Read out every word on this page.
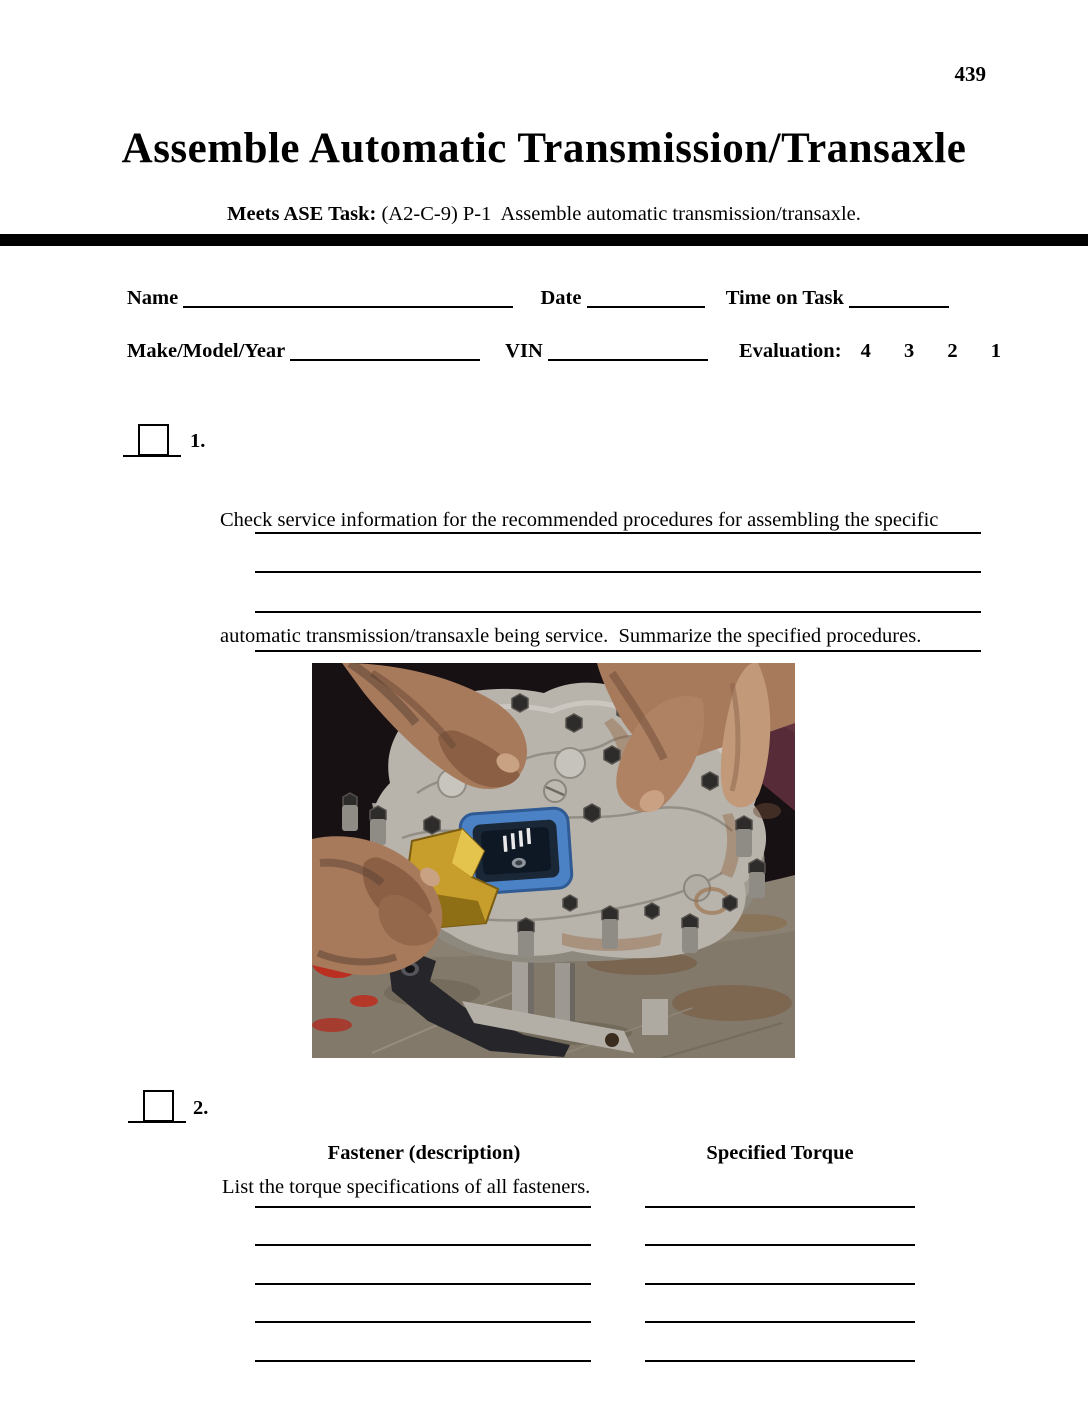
439
Assemble Automatic Transmission/Transaxle
Meets ASE Task: (A2-C-9) P-1  Assemble automatic transmission/transaxle.
Name	Date	Time on Task
Make/Model/Year	VIN	Evaluation: 4 3 2 1
1.

Check service information for the recommended procedures for assembling the specific

automatic transmission/transaxle being service.  Summarize the specified procedures.

2.

List the torque specifications of all fasteners.

Fastener (description)	Specified Torque
